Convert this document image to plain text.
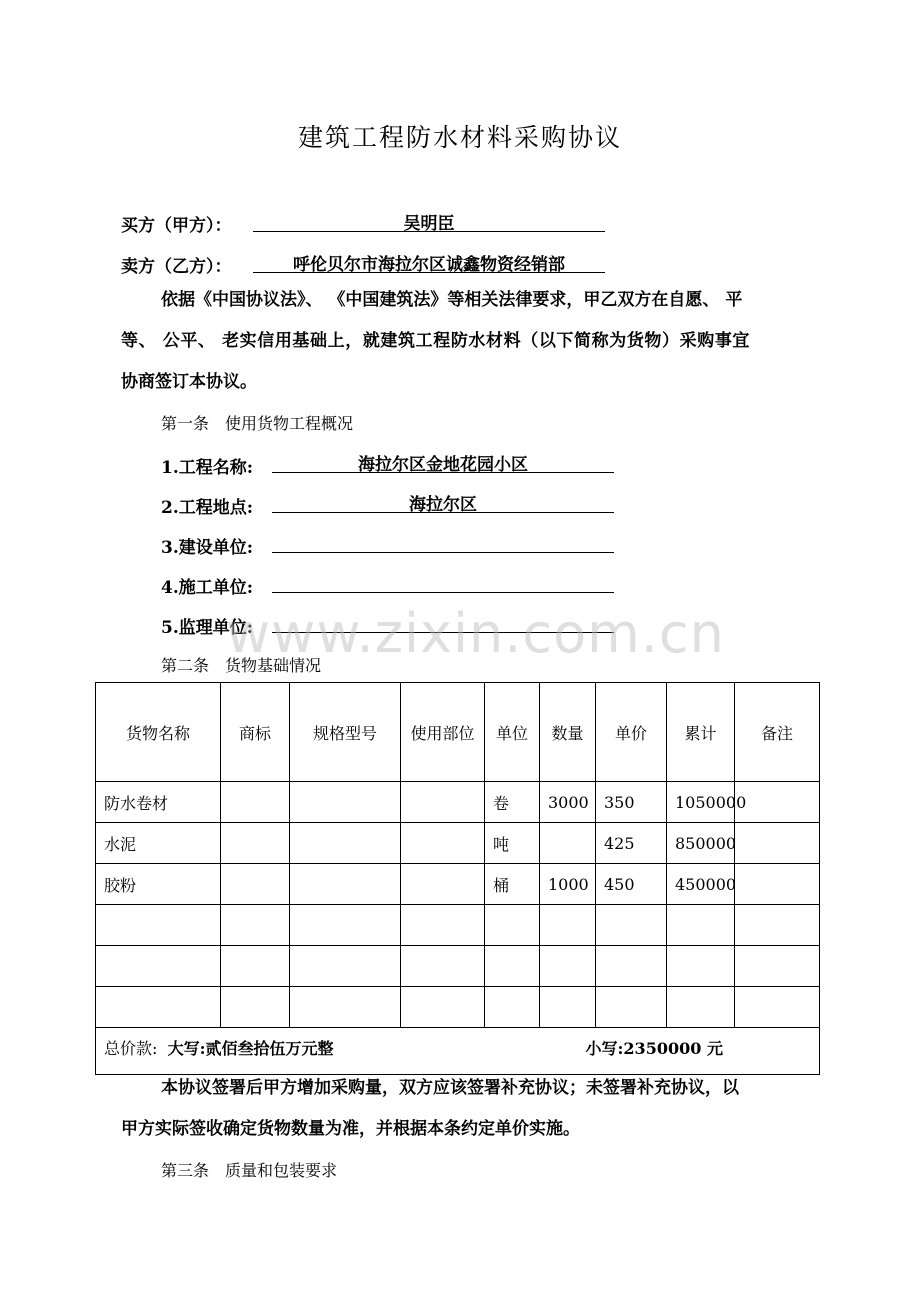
建筑工程防水材料采购协议
买方（甲方）：	吴明臣
卖方（乙方）：	呼伦贝尔市海拉尔区诚鑫物资经销部
依据《中国协议法》、 《中国建筑法》等相关法律要求，甲乙双方在自愿、 平
等、 公平、 老实信用基础上，就建筑工程防水材料（以下简称为货物）采购事宜
协商签订本协议。
第一条　使用货物工程概况
1.工程名称:	海拉尔区金地花园小区
2.工程地点:	海拉尔区
3.建设单位:
4.施工单位:
5.监理单位:
www.zixin.com.cn
第二条　货物基础情况
货物名称	商标	规格型号	使用部位	单位	数量	单价	累计	备注
防水卷材				卷	3000	350	1050000	
水泥				吨		425	850000	
胶粉				桶	1000	450	450000	

总价款: 大写:贰佰叁拾伍万元整 小写:2350000 元								
本协议签署后甲方增加采购量，双方应该签署补充协议；未签署补充协议，以
甲方实际签收确定货物数量为准，并根据本条约定单价实施。
第三条　质量和包装要求
